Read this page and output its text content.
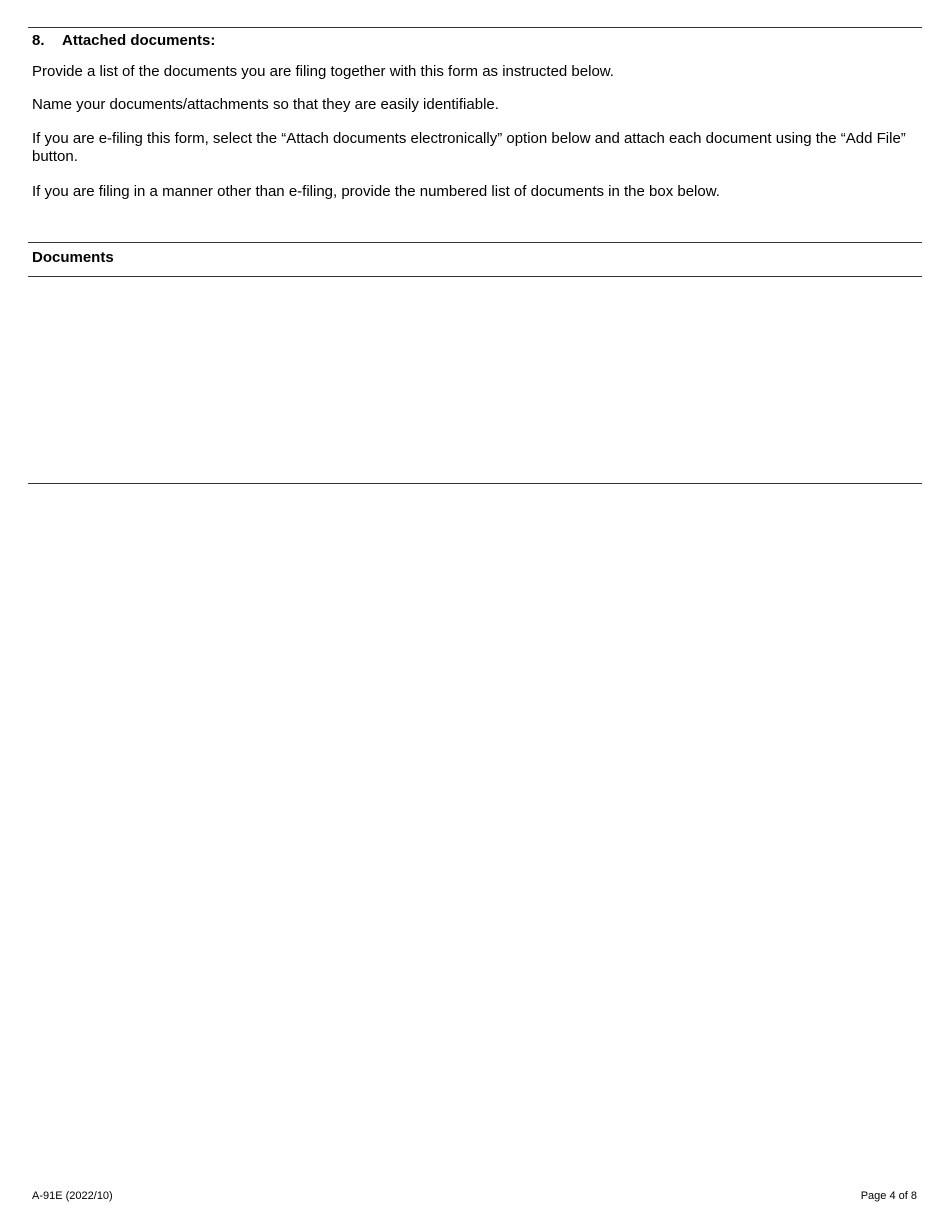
8. Attached documents:
Provide a list of the documents you are filing together with this form as instructed below.
Name your documents/attachments so that they are easily identifiable.
If you are e-filing this form, select the “Attach documents electronically” option below and attach each document using the “Add File” button.
If you are filing in a manner other than e-filing, provide the numbered list of documents in the box below.
Documents
A-91E (2022/10)	Page 4 of 8
